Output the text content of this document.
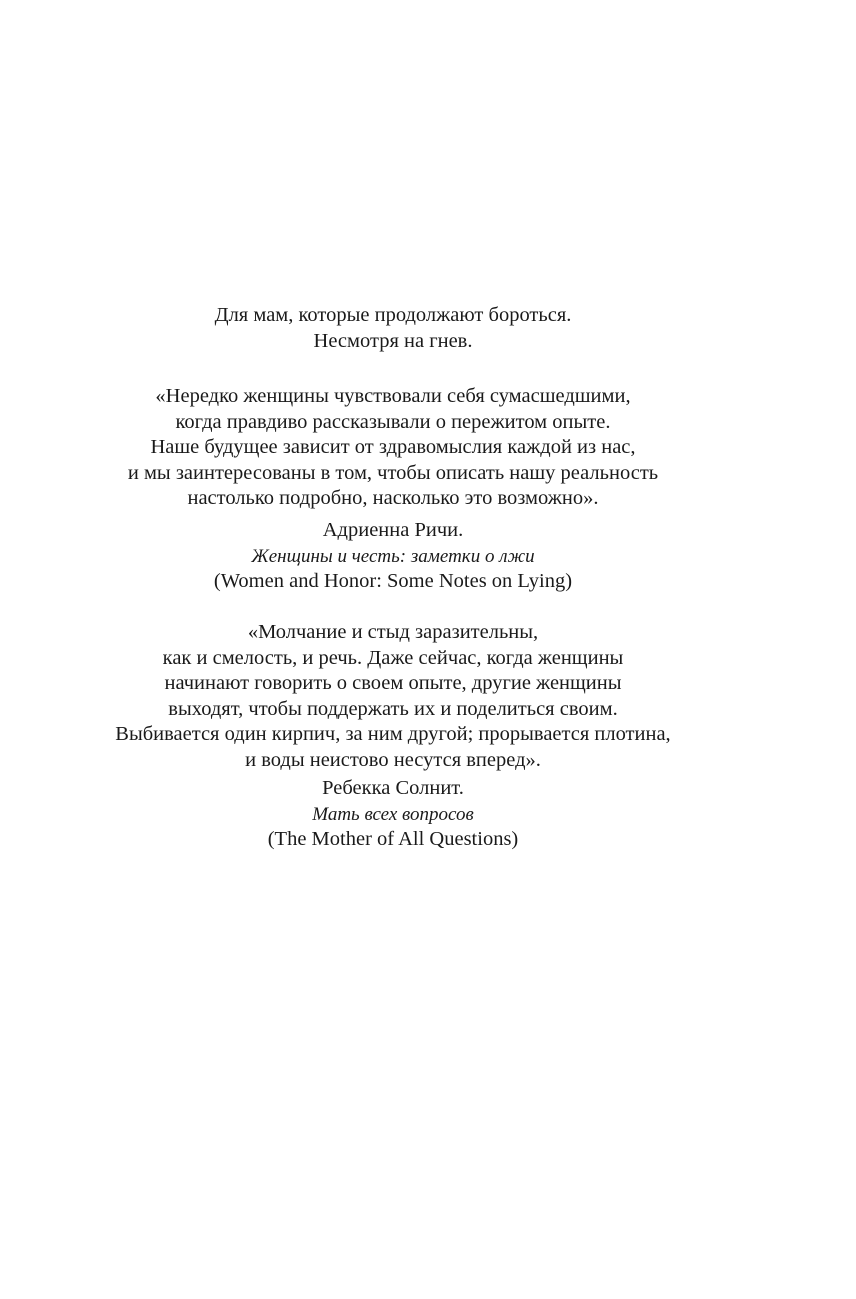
Для мам, которые продолжают бороться.
Несмотря на гнев.
«Нередко женщины чувствовали себя сумасшедшими,
когда правдиво рассказывали о пережитом опыте.
Наше будущее зависит от здравомыслия каждой из нас,
и мы заинтересованы в том, чтобы описать нашу реальность
настолько подробно, насколько это возможно».
Адриенна Ричи.
Женщины и честь: заметки о лжи
(Women and Honor: Some Notes on Lying)
«Молчание и стыд заразительны,
как и смелость, и речь. Даже сейчас, когда женщины
начинают говорить о своем опыте, другие женщины
выходят, чтобы поддержать их и поделиться своим.
Выбивается один кирпич, за ним другой; прорывается плотина,
и воды неистово несутся вперед».
Ребекка Солнит.
Мать всех вопросов
(The Mother of All Questions)
